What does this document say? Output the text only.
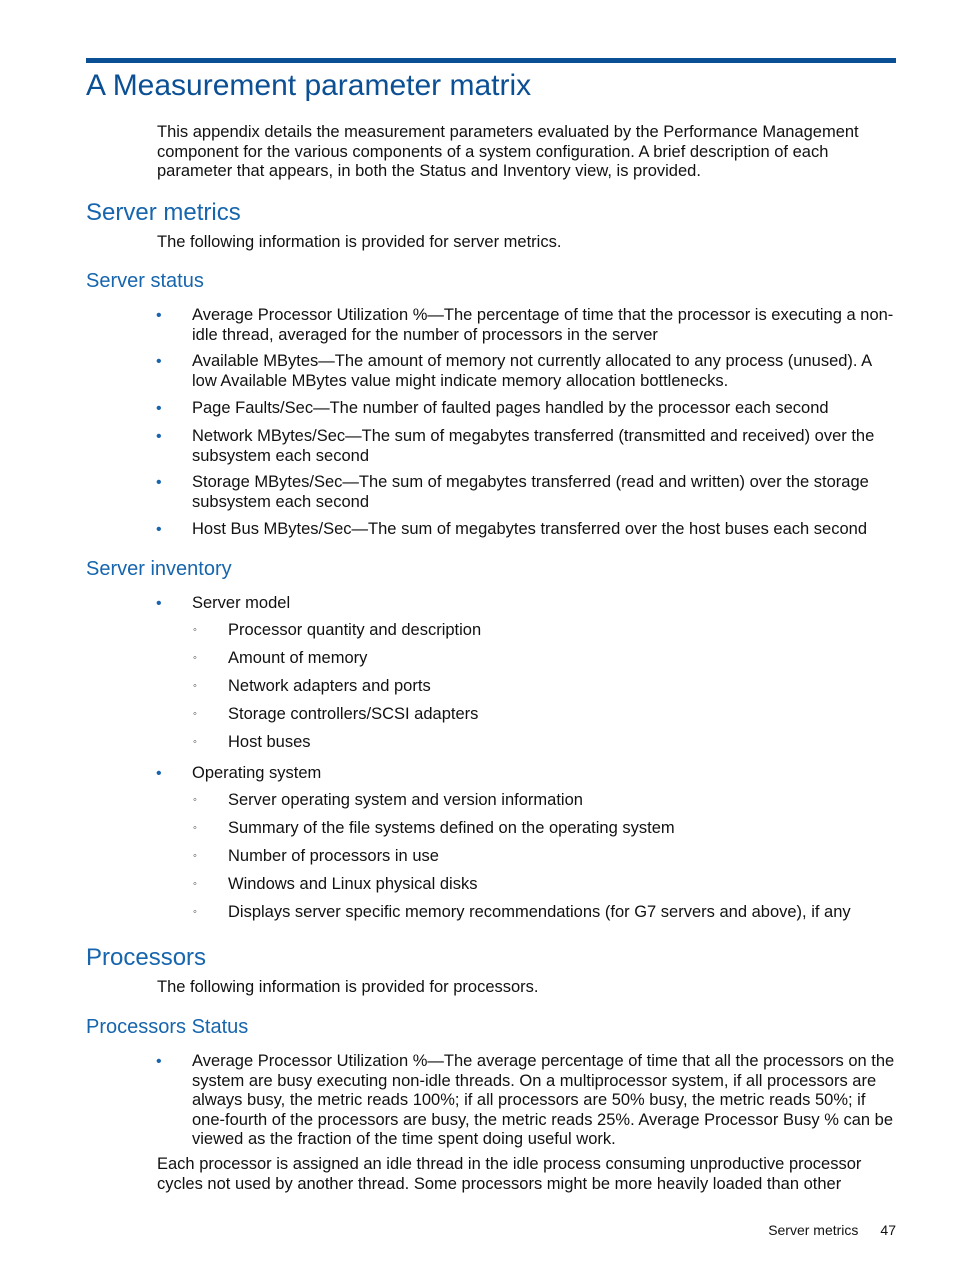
A Measurement parameter matrix
This appendix details the measurement parameters evaluated by the Performance Management component for the various components of a system configuration. A brief description of each parameter that appears, in both the Status and Inventory view, is provided.
Server metrics
The following information is provided for server metrics.
Server status
• Average Processor Utilization %—The percentage of time that the processor is executing a non-idle thread, averaged for the number of processors in the server
• Available MBytes—The amount of memory not currently allocated to any process (unused). A low Available MBytes value might indicate memory allocation bottlenecks.
• Page Faults/Sec—The number of faulted pages handled by the processor each second
• Network MBytes/Sec—The sum of megabytes transferred (transmitted and received) over the subsystem each second
• Storage MBytes/Sec—The sum of megabytes transferred (read and written) over the storage subsystem each second
• Host Bus MBytes/Sec—The sum of megabytes transferred over the host buses each second
Server inventory
• Server model
◦ Processor quantity and description
◦ Amount of memory
◦ Network adapters and ports
◦ Storage controllers/SCSI adapters
◦ Host buses
• Operating system
◦ Server operating system and version information
◦ Summary of the file systems defined on the operating system
◦ Number of processors in use
◦ Windows and Linux physical disks
◦ Displays server specific memory recommendations (for G7 servers and above), if any
Processors
The following information is provided for processors.
Processors Status
• Average Processor Utilization %—The average percentage of time that all the processors on the system are busy executing non-idle threads. On a multiprocessor system, if all processors are always busy, the metric reads 100%; if all processors are 50% busy, the metric reads 50%; if one-fourth of the processors are busy, the metric reads 25%. Average Processor Busy % can be viewed as the fraction of the time spent doing useful work.
Each processor is assigned an idle thread in the idle process consuming unproductive processor cycles not used by another thread. Some processors might be more heavily loaded than other
Server metrics 47
